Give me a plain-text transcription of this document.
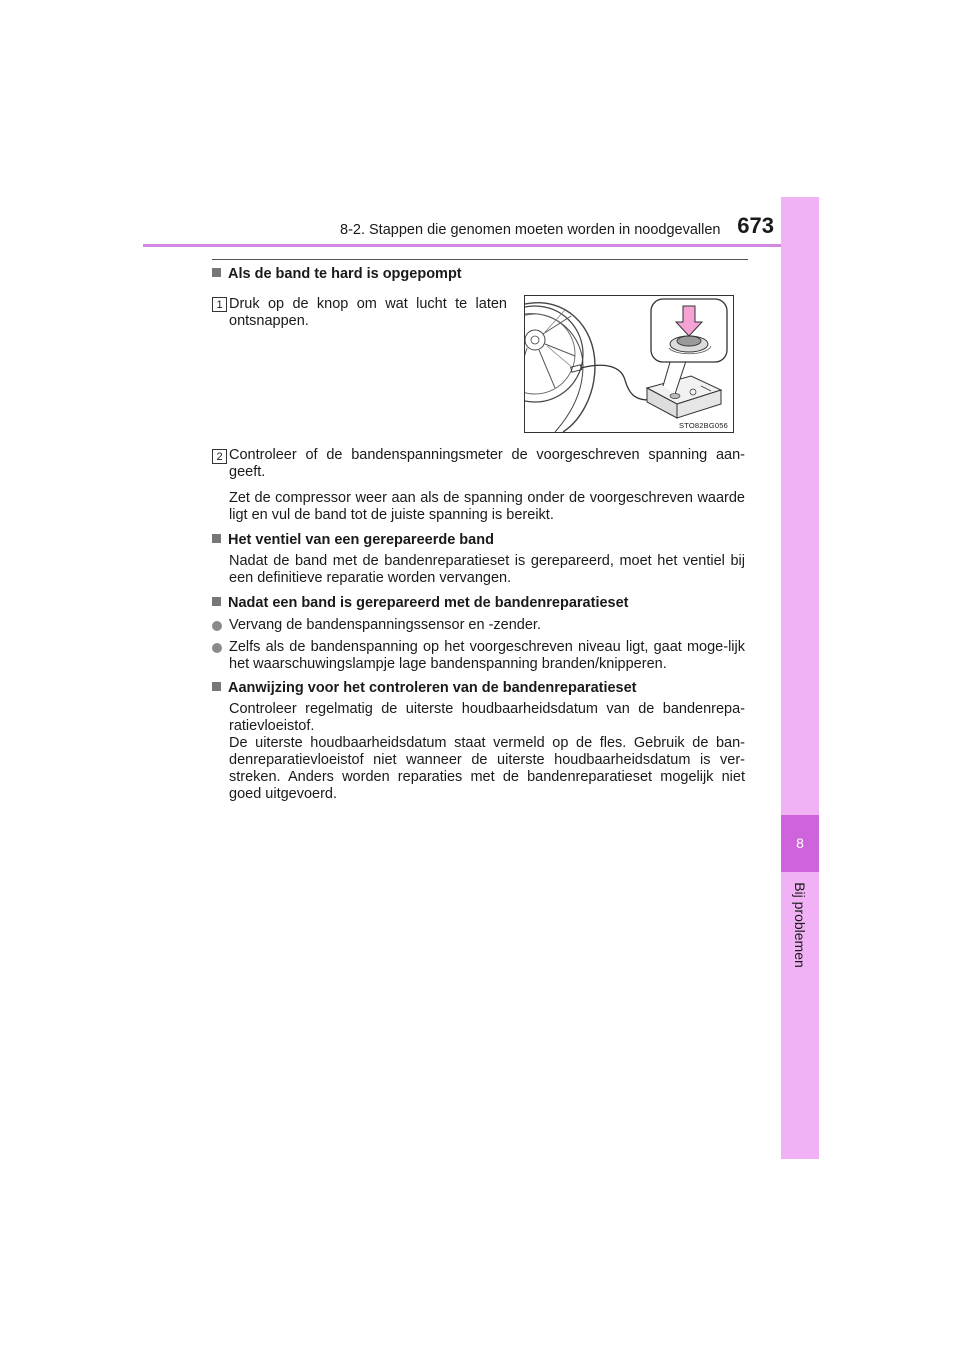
8-2. Stappen die genomen moeten worden in noodgevallen 673
8
Bij problemen
Als de band te hard is opgepompt
1 Druk op de knop om wat lucht te laten ontsnappen.
STO82BG056
2 Controleer of de bandenspanningsmeter de voorgeschreven spanning aan-geeft.
Zet de compressor weer aan als de spanning onder de voorgeschreven waarde ligt en vul de band tot de juiste spanning is bereikt.
Het ventiel van een gerepareerde band
Nadat de band met de bandenreparatieset is gerepareerd, moet het ventiel bij een definitieve reparatie worden vervangen.
Nadat een band is gerepareerd met de bandenreparatieset
Vervang de bandenspanningssensor en -zender.
Zelfs als de bandenspanning op het voorgeschreven niveau ligt, gaat moge-lijk het waarschuwingslampje lage bandenspanning branden/knipperen.
Aanwijzing voor het controleren van de bandenreparatieset
Controleer regelmatig de uiterste houdbaarheidsdatum van de bandenrepa-ratievloeistof.
De uiterste houdbaarheidsdatum staat vermeld op de fles. Gebruik de ban-denreparatievloeistof niet wanneer de uiterste houdbaarheidsdatum is ver-streken. Anders worden reparaties met de bandenreparatieset mogelijk niet goed uitgevoerd.
